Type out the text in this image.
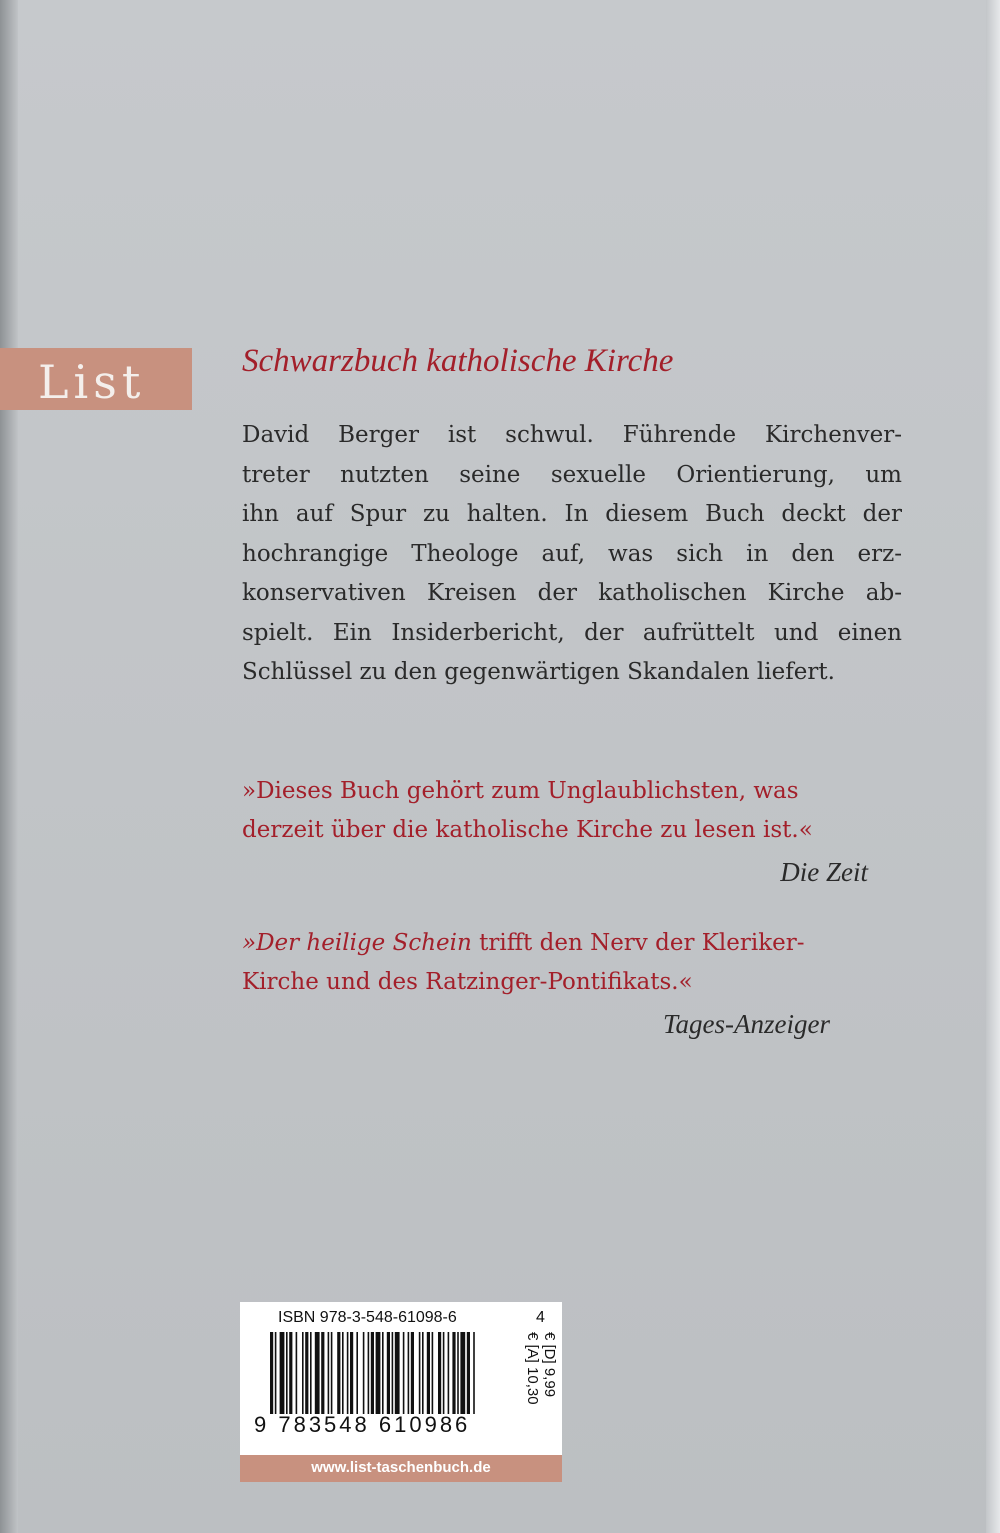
List	Schwarzbuch katholische Kirche
David Berger ist schwul. Führende Kirchenver-
treter nutzten seine sexuelle Orientierung, um
ihn auf Spur zu halten. In diesem Buch deckt der
hochrangige Theologe auf, was sich in den erz-
konservativen Kreisen der katholischen Kirche ab-
spielt. Ein Insiderbericht, der aufrüttelt und einen
Schlüssel zu den gegenwärtigen Skandalen liefert.
»Dieses Buch gehört zum Unglaublichsten, was
derzeit über die katholische Kirche zu lesen ist.«
Die Zeit
»Der heilige Schein trifft den Nerv der Kleriker-
Kirche und des Ratzinger-Pontifikats.«
Tages-Anzeiger
ISBN 978-3-548-61098-6	4
9 783548 610986
€ [D] 9,99
€ [A] 10,30
www.list-taschenbuch.de
